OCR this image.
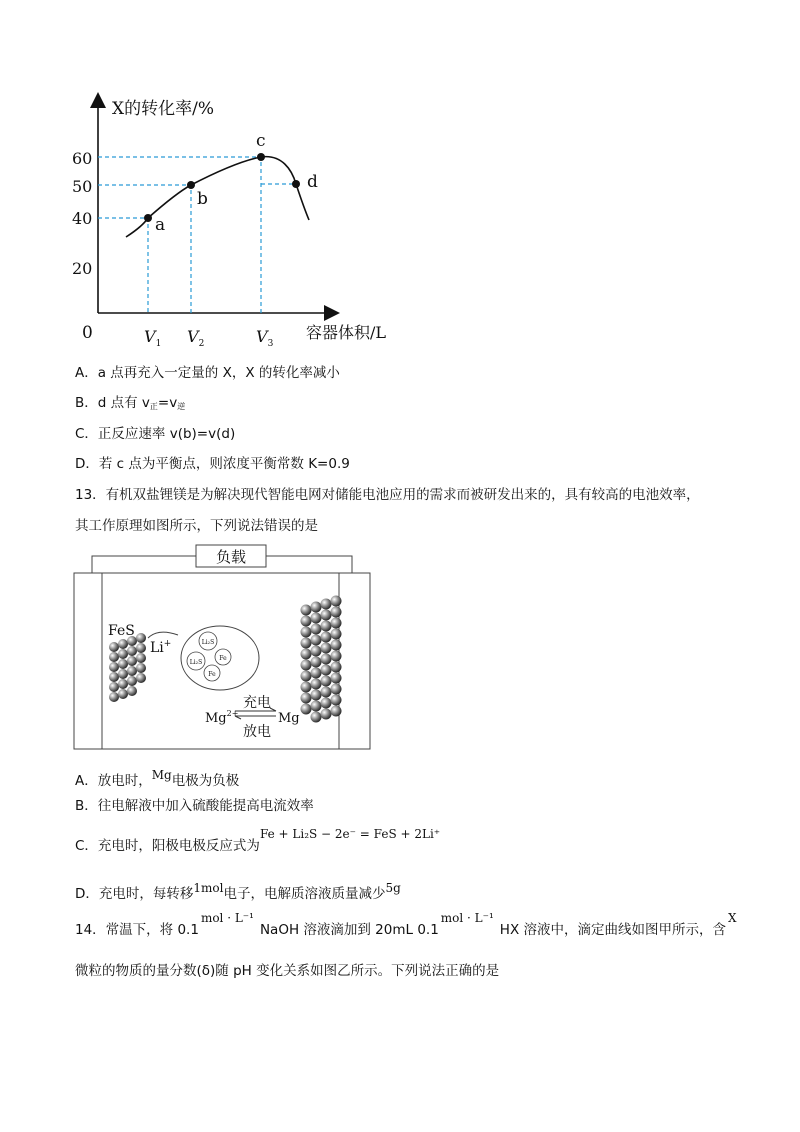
X的转化率/%
容器体积/L
0
60
50
40
20
a
b
c
d
$V_1$ $V_2$	$V_3$
A．a 点再充入一定量的 X，X 的转化率减小
B．d 点有 $v_正=v_逆$
C．正反应速率 v(b)=v(d)
D．若 c 点为平衡点，则浓度平衡常数 K=0.9
13．有机双盐锂镁是为解决现代智能电网对储能电池应用的需求而被研发出来的，具有较高的电池效率，
其工作原理如图所示，下列说法错误的是
负载
FeS
Li+	Li₂S
Li₂S
Fe
Fe
充电
放电
$Mg^{2+}$	Mg
A．放电时，Mg电极为负极
B．往电解液中加入硫酸能提高电流效率
C．充电时，阳极电极反应式为Fe + Li₂S − 2e⁻ = FeS + 2Li⁺
D．充电时，每转移1mol电子，电解质溶液质量减少5g
14．常温下，将 0.1mol · L⁻¹NaOH 溶液滴加到 20mL 0.1mol · L⁻¹HX 溶液中，滴定曲线如图甲所示，含X
微粒的物质的量分数(δ)随 pH 变化关系如图乙所示。下列说法正确的是
